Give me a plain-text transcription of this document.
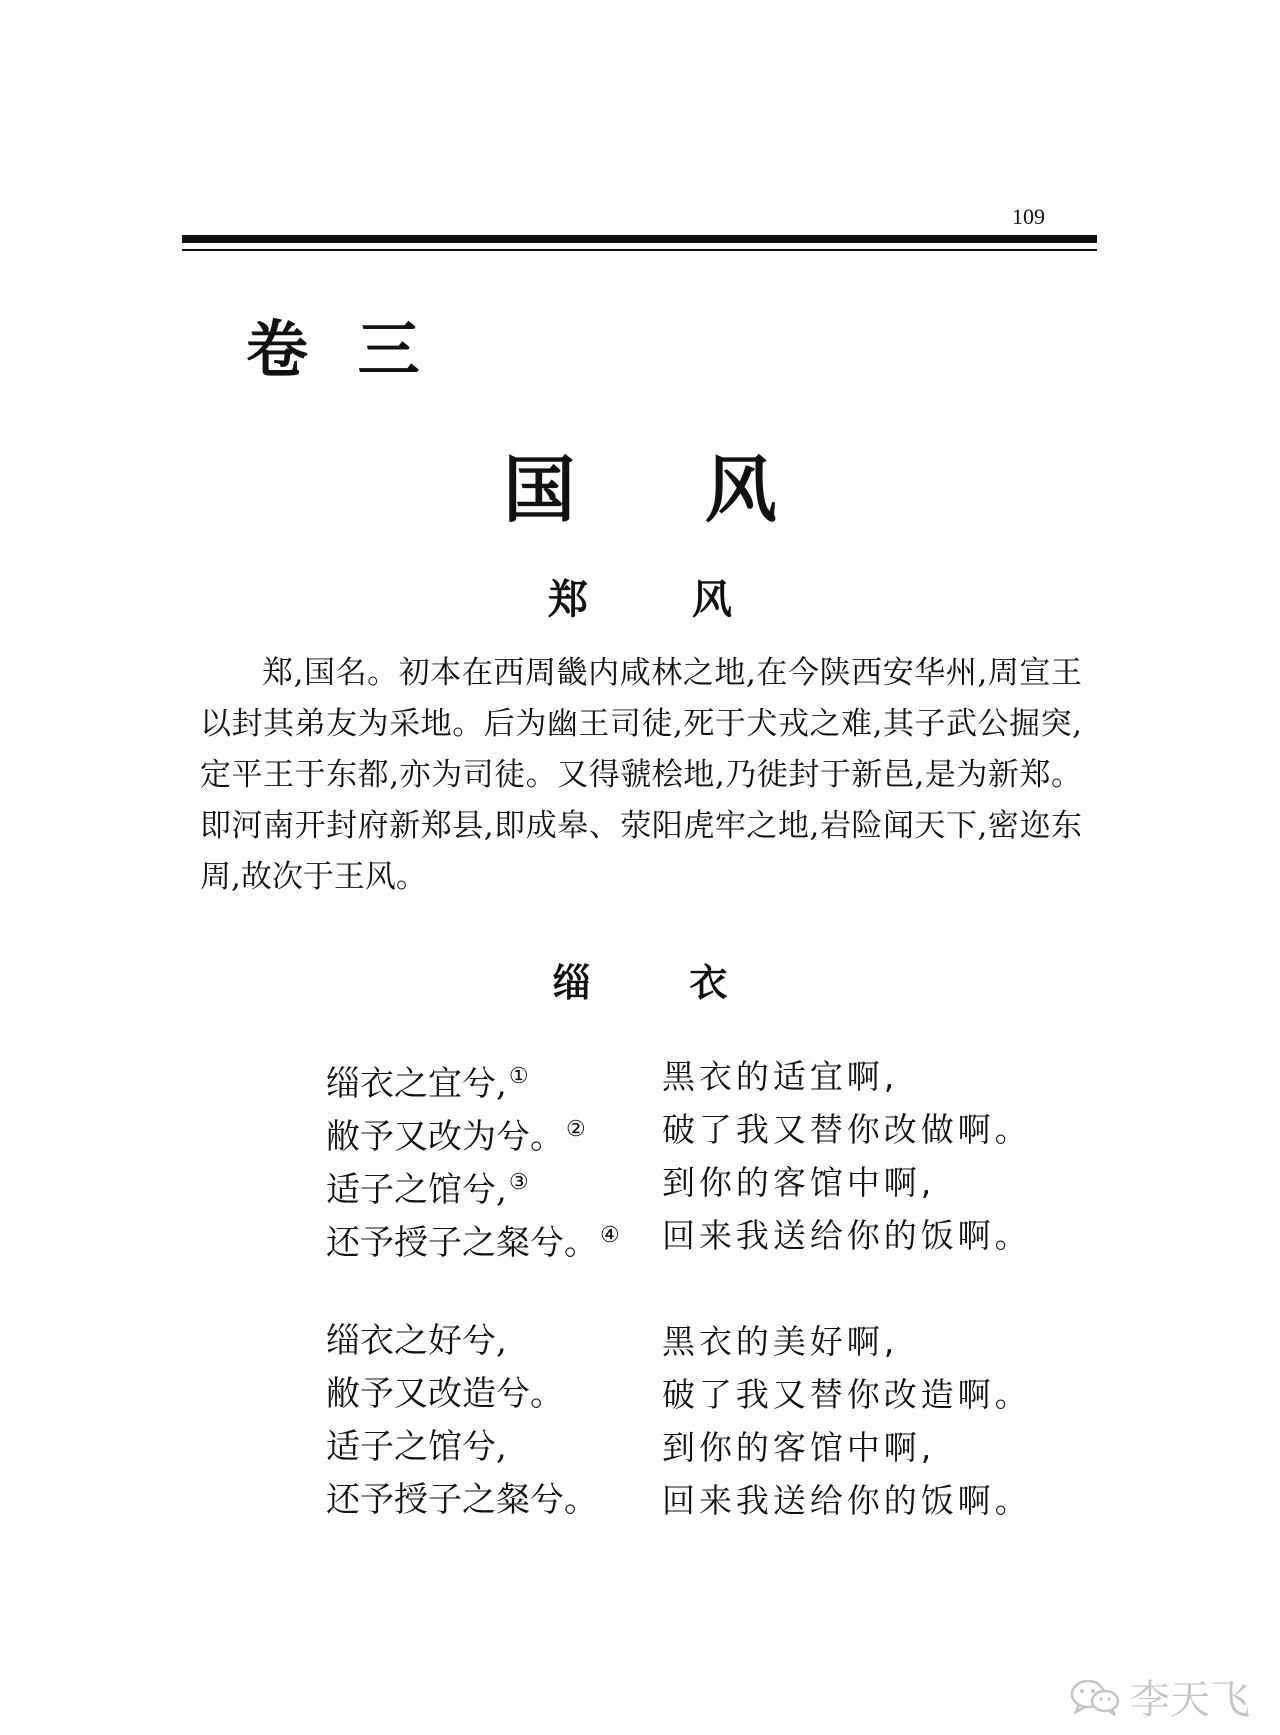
109
卷三
国风
郑风
郑,国名。初本在西周畿内咸林之地,在今陕西安华州,周宣王以封其弟友为采地。后为幽王司徒,死于犬戎之难,其子武公掘突,定平王于东都,亦为司徒。又得虢桧地,乃徙封于新邑,是为新郑。即河南开封府新郑县,即成皋、荥阳虎牢之地,岩险闻天下,密迩东周,故次于王风。
缁衣
缁衣之宜兮,①	黑衣的适宜啊,
敝予又改为兮。② 破了我又替你改做啊。
适子之馆兮,③	到你的客馆中啊,
还予授子之粲兮。④ 回来我送给你的饭啊。
缁衣之好兮,	黑衣的美好啊,
敝予又改造兮。	破了我又替你改造啊。
适子之馆兮,	到你的客馆中啊,
还予授子之粲兮。 回来我送给你的饭啊。
李天飞
